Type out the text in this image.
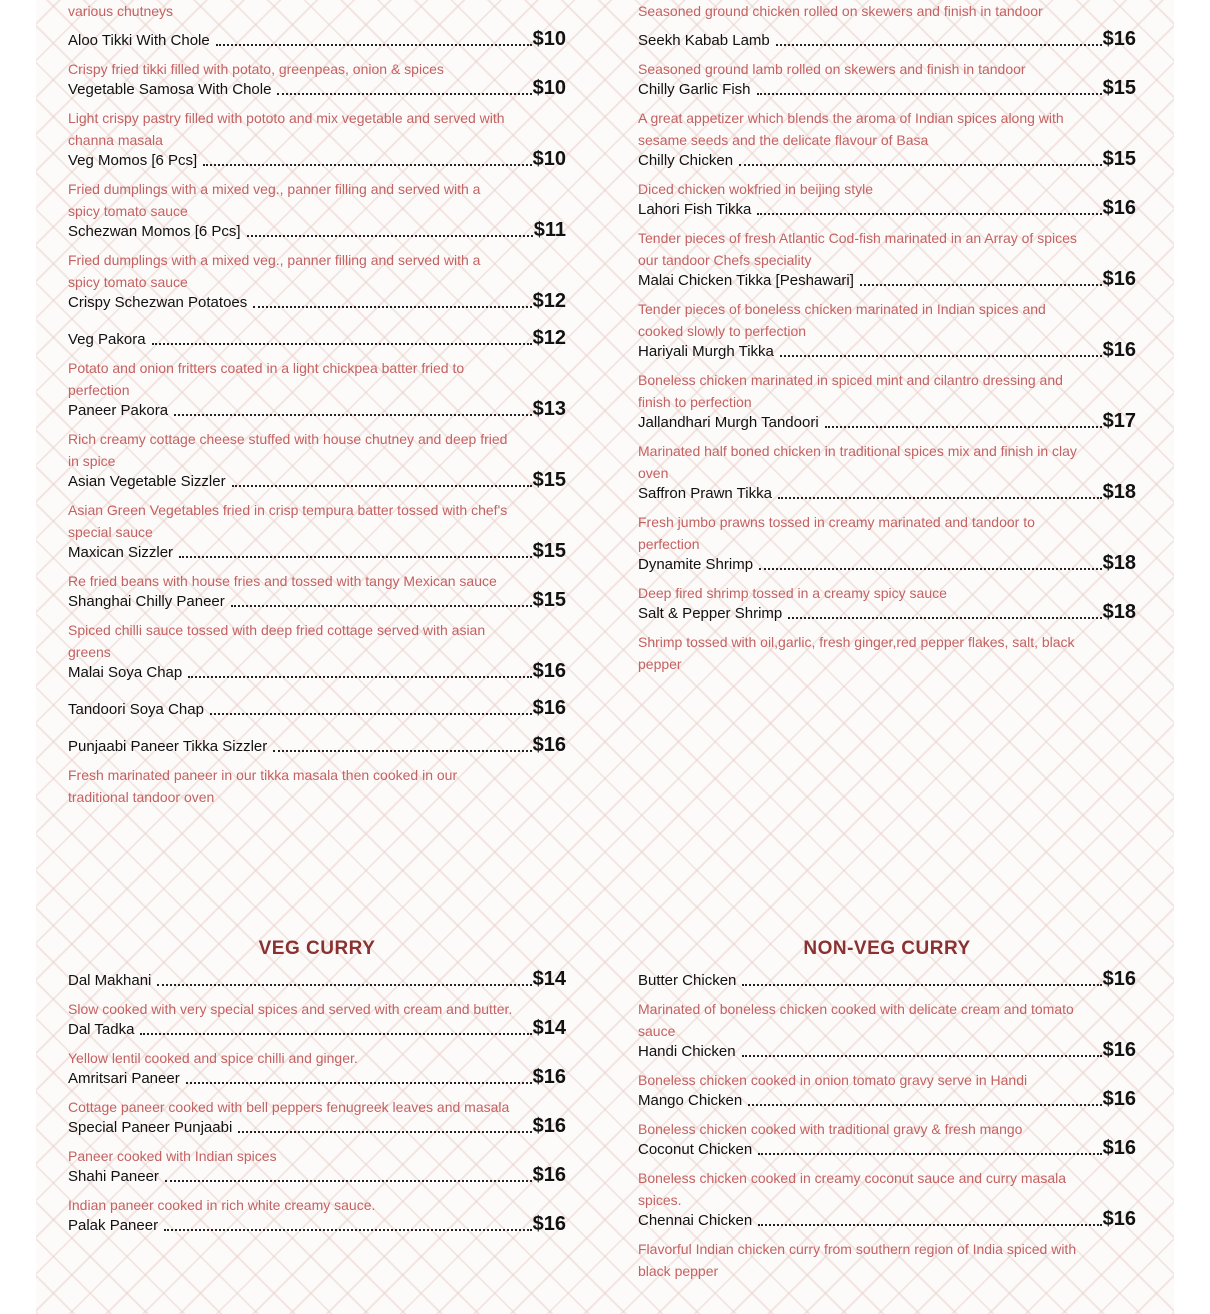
various chutneys	Seasoned ground chicken rolled on skewers and finish in tandoor
Aloo Tikki With Chole	$10
Crispy fried tikki filled with potato, greenpeas, onion & spices
Vegetable Samosa With Chole	$10
Light crispy pastry filled with pototo and mix vegetable and served with channa masala
Veg Momos [6 Pcs]	$10
Fried dumplings with a mixed veg., panner filling and served with a spicy tomato sauce
Schezwan Momos [6 Pcs]	$11
Fried dumplings with a mixed veg., panner filling and served with a spicy tomato sauce
Crispy Schezwan Potatoes	$12
Veg Pakora	$12
Potato and onion fritters coated in a light chickpea batter fried to perfection
Paneer Pakora	$13
Rich creamy cottage cheese stuffed with house chutney and deep fried in spice
Asian Vegetable Sizzler	$15
Asian Green Vegetables fried in crisp tempura batter tossed with chef's special sauce
Maxican Sizzler	$15
Re fried beans with house fries and tossed with tangy Mexican sauce
Shanghai Chilly Paneer	$15
Spiced chilli sauce tossed with deep fried cottage served with asian greens
Malai Soya Chap	$16
Tandoori Soya Chap	$16
Punjaabi Paneer Tikka Sizzler	$16
Fresh marinated paneer in our tikka masala then cooked in our traditional tandoor oven
Seekh Kabab Lamb	$16
Seasoned ground lamb rolled on skewers and finish in tandoor
Chilly Garlic Fish	$15
A great appetizer which blends the aroma of Indian spices along with sesame seeds and the delicate flavour of Basa
Chilly Chicken	$15
Diced chicken wokfried in beijing style
Lahori Fish Tikka	$16
Tender pieces of fresh Atlantic Cod-fish marinated in an Array of spices our tandoor Chefs speciality
Malai Chicken Tikka [Peshawari]	$16
Tender pieces of boneless chicken marinated in Indian spices and cooked slowly to perfection
Hariyali Murgh Tikka	$16
Boneless chicken marinated in spiced mint and cilantro dressing and finish to perfection
Jallandhari Murgh Tandoori	$17
Marinated half boned chicken in traditional spices mix and finish in clay oven
Saffron Prawn Tikka	$18
Fresh jumbo prawns tossed in creamy marinated and tandoor to perfection
Dynamite Shrimp	$18
Deep fired shrimp tossed in a creamy spicy sauce
Salt & Pepper Shrimp	$18
Shrimp tossed with oil,garlic, fresh ginger,red pepper flakes, salt, black pepper
VEG CURRY	NON-VEG CURRY
Dal Makhani	$14
Slow cooked with very special spices and served with cream and butter.
Dal Tadka	$14
Yellow lentil cooked and spice chilli and ginger.
Amritsari Paneer	$16
Cottage paneer cooked with bell peppers fenugreek leaves and masala
Special Paneer Punjaabi	$16
Paneer cooked with Indian spices
Shahi Paneer	$16
Indian paneer cooked in rich white creamy sauce.
Palak Paneer	$16
Butter Chicken	$16
Marinated of boneless chicken cooked with delicate cream and tomato sauce
Handi Chicken	$16
Boneless chicken cooked in onion tomato gravy serve in Handi
Mango Chicken	$16
Boneless chicken cooked with traditional gravy & fresh mango
Coconut Chicken	$16
Boneless chicken cooked in creamy coconut sauce and curry masala spices.
Chennai Chicken	$16
Flavorful Indian chicken curry from southern region of India spiced with black pepper
